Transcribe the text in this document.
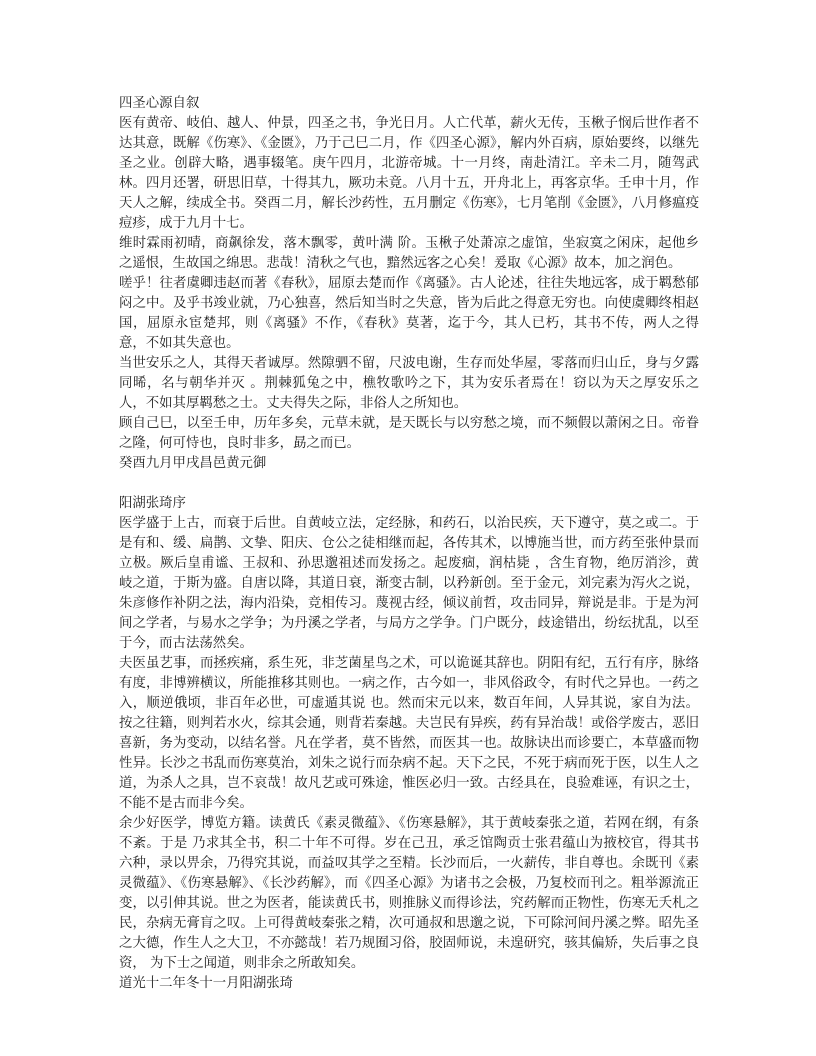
四圣心源自叙

医有黄帝、岐伯、越人、仲景，四圣之书，争光日月。人亡代革，薪火无传，玉楸子悯后世作者不达其意，既解《伤寒》、《金匮》，乃于己巳二月，作《四圣心源》，解内外百病，原始要终，以继先圣之业。创辟大略，遇事辍笔。庚午四月，北游帝城。十一月终，南赴清江。辛未二月，随驾武林。四月还署，研思旧草，十得其九，厥功未竟。八月十五，开舟北上，再客京华。壬申十月，作天人之解，续成全书。癸酉二月，解长沙药性，五月删定《伤寒》，七月笔削《金匮》，八月修瘟疫痘疹，成于九月十七。

维时霖雨初晴，商飙徐发，落木飘零，黄叶满 阶。玉楸子处萧凉之虚馆，坐寂寞之闲床，起他乡之遥恨，生故国之绵思。悲哉！清秋之气也，黯然远客之心矣！爰取《心源》故本，加之润色。

嗟乎！往者虞卿违赵而著《春秋》，屈原去楚而作《离骚》。古人论述，往往失地远客，成于羁愁郁闷之中。及乎书竣业就，乃心独喜，然后知当时之失意，皆为后此之得意无穷也。向使虞卿终相赵国，屈原永宦楚邦，则《离骚》不作，《春秋》莫著，迄于今，其人已朽，其书不传，两人之得意，不如其失意也。

当世安乐之人，其得天者诚厚。然隙驷不留，尺波电谢，生存而处华屋，零落而归山丘，身与夕露同晞，名与朝华并灭 。荆棘狐兔之中，樵牧歌吟之下，其为安乐者焉在！窃以为天之厚安乐之人，不如其厚羁愁之士。丈夫得失之际，非俗人之所知也。

顾自己巳，以至壬申，历年多矣，元草未就，是天既长与以穷愁之境，而不频假以萧闲之日。帝眷之隆，何可恃也，良时非多，勗之而已。

癸酉九月甲戌昌邑黄元御

阳湖张琦序

医学盛于上古，而衰于后世。自黄岐立法，定经脉，和药石，以治民疾，天下遵守，莫之或二。于是有和、缓、扁鹊、文挚、阳庆、仓公之徒相继而起，各传其术，以博施当世，而方药至张仲景而立极。厥后皇甫谧、王叔和、孙思邈祖述而发扬之。起废痼，润枯毙 ，含生育物，绝厉消沴，黄岐之道，于斯为盛。自唐以降，其道日衰，渐变古制，以矜新创。至于金元，刘完素为泻火之说，朱彦修作补阴之法，海内沿染，竞相传习。蔑视古经，倾议前哲，攻击同异，辩说是非。于是为河间之学者，与易水之学争；为丹溪之学者，与局方之学争。门户既分，歧途错出，纷纭扰乱，以至于今，而古法荡然矣。

夫医虽艺事，而拯疾痛，系生死，非芝菌星鸟之术，可以诡诞其辞也。阴阳有纪，五行有序，脉络有度，非博辨横议，所能推移其则也。一病之作，古今如一，非风俗政令，有时代之异也。一药之入，顺逆俄顷，非百年必世，可虚遁其说 也。然而宋元以来，数百年间，人异其说，家自为法。按之往籍，则判若水火，综其会通，则背若秦越。夫岂民有异疾，药有异治哉！或俗学废古，恶旧喜新，务为变动，以结名誉。凡在学者，莫不皆然，而医其一也。故脉诀出而诊要亡，本草盛而物性异。长沙之书乱而伤寒莫治，刘朱之说行而杂病不起。天下之民，不死于病而死于医，以生人之道，为杀人之具，岂不哀哉！故凡艺或可殊途，惟医必归一致。古经具在，良验难诬，有识之士，不能不是古而非今矣。

余少好医学，博览方籍。读黄氏《素灵微蕴》、《伤寒悬解》，其于黄岐秦张之道，若网在纲，有条不紊。于是 乃求其全书，积二十年不可得。岁在己丑，承乏馆陶贡士张君蕴山为掖校官，得其书六种，录以畀余，乃得究其说，而益叹其学之至精。长沙而后，一火薪传，非自尊也。余既刊《素灵微蕴》、《伤寒悬解》、《长沙药解》，而《四圣心源》为诸书之会极，乃复校而刊之。粗举源流正变，以引伸其说。世之为医者，能读黄氏书，则推脉义而得诊法，究药解而正物性，伤寒无夭札之民，杂病无膏肓之叹。上可得黄岐秦张之精，次可通叔和思邈之说，下可除河间丹溪之弊。昭先圣之大德，作生人之大卫，不亦懿哉！若乃规囿习俗，胶固师说，未遑研究，骇其偏矫，失后事之良资， 为下士之闻道，则非余之所敢知矣。

道光十二年冬十一月阳湖张琦
